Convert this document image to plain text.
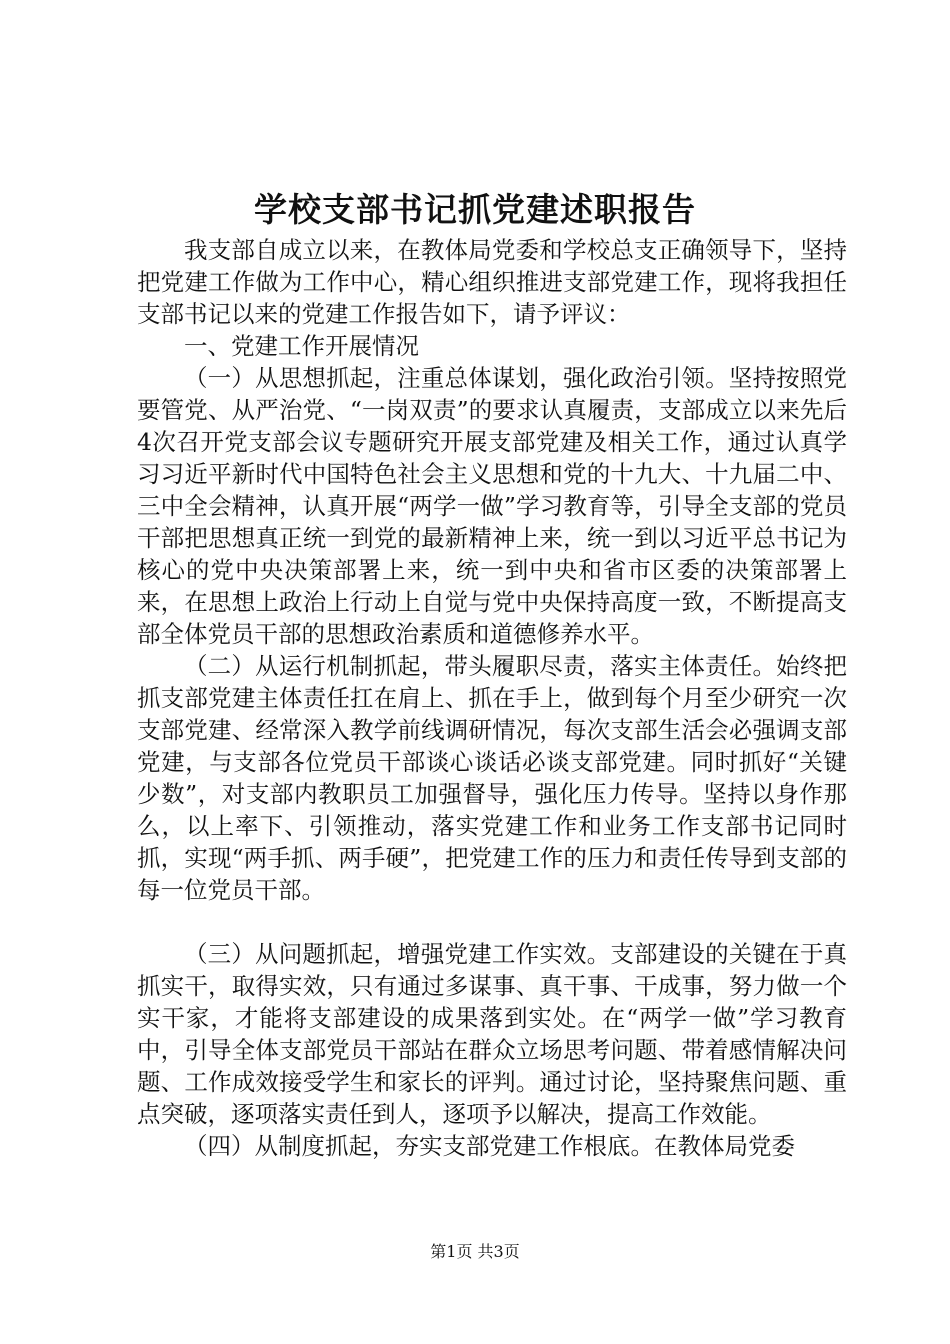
学校支部书记抓党建述职报告

我支部自成立以来，在教体局党委和学校总支正确领导下，坚持把党建工作做为工作中心，精心组织推进支部党建工作，现将我担任支部书记以来的党建工作报告如下，请予评议：

一、党建工作开展情况

（一）从思想抓起，注重总体谋划，强化政治引领。坚持按照党要管党、从严治党、“一岗双责”的要求认真履责，支部成立以来先后4次召开党支部会议专题研究开展支部党建及相关工作，通过认真学习习近平新时代中国特色社会主义思想和党的十九大、十九届二中、三中全会精神，认真开展“两学一做”学习教育等，引导全支部的党员干部把思想真正统一到党的最新精神上来，统一到以习近平总书记为核心的党中央决策部署上来，统一到中央和省市区委的决策部署上来，在思想上政治上行动上自觉与党中央保持高度一致，不断提高支部全体党员干部的思想政治素质和道德修养水平。

（二）从运行机制抓起，带头履职尽责，落实主体责任。始终把抓支部党建主体责任扛在肩上、抓在手上，做到每个月至少研究一次支部党建、经常深入教学前线调研情况，每次支部生活会必强调支部党建，与支部各位党员干部谈心谈话必谈支部党建。同时抓好“关键少数”，对支部内教职员工加强督导，强化压力传导。坚持以身作那么，以上率下、引领推动，落实党建工作和业务工作支部书记同时抓，实现“两手抓、两手硬”，把党建工作的压力和责任传导到支部的每一位党员干部。

（三）从问题抓起，增强党建工作实效。支部建设的关键在于真抓实干，取得实效，只有通过多谋事、真干事、干成事，努力做一个实干家，才能将支部建设的成果落到实处。在“两学一做”学习教育中，引导全体支部党员干部站在群众立场思考问题、带着感情解决问题、工作成效接受学生和家长的评判。通过讨论，坚持聚焦问题、重点突破，逐项落实责任到人，逐项予以解决，提高工作效能。

（四）从制度抓起，夯实支部党建工作根底。在教体局党委

第1页 共3页
